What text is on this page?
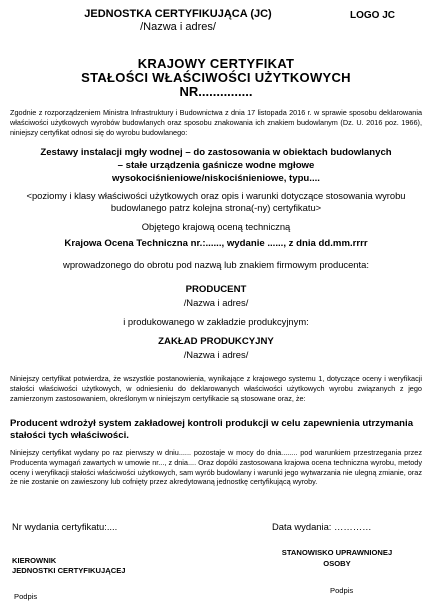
JEDNOSTKA CERTYFIKUJĄCA (JC)
/Nazwa i adres/
LOGO JC
KRAJOWY CERTYFIKAT
STAŁOŚCI WŁAŚCIWOŚCI UŻYTKOWYCH
NR...............
Zgodnie z rozporządzeniem Ministra Infrastruktury i Budownictwa z dnia 17 listopada 2016 r. w sprawie sposobu deklarowania właściwości użytkowych wyrobów budowlanych oraz sposobu znakowania ich znakiem budowlanym (Dz. U. 2016 poz. 1966), niniejszy certyfikat odnosi się do wyrobu budowlanego:
Zestawy instalacji mgły wodnej – do zastosowania w obiektach budowlanych
– stałe urządzenia gaśnicze wodne mgłowe
wysokociśnieniowe/niskociśnieniowe, typu....
<poziomy i klasy właściwości użytkowych oraz opis i warunki dotyczące stosowania wyrobu budowlanego patrz kolejna strona(-ny) certyfikatu>
Objętego krajową oceną techniczną
Krajowa Ocena Techniczna nr.:......, wydanie ......, z dnia dd.mm.rrrr
wprowadzonego do obrotu pod nazwą lub znakiem firmowym producenta:
PRODUCENT
/Nazwa i adres/
i produkowanego w zakładzie produkcyjnym:
ZAKŁAD PRODUKCYJNY
/Nazwa i adres/
Niniejszy certyfikat potwierdza, że wszystkie postanowienia, wynikające z krajowego systemu 1, dotyczące oceny i weryfikacji stałości właściwości użytkowych, w odniesieniu do deklarowanych właściwości użytkowych wyrobu związanych z jego zamierzonym zastosowaniem, określonym w niniejszym certyfikacie są stosowane oraz, że:
Producent wdrożył system zakładowej kontroli produkcji w celu zapewnienia utrzymania stałości tych właściwości.
Niniejszy certyfikat wydany po raz pierwszy w dniu...... pozostaje w mocy do dnia........ pod warunkiem przestrzegania przez Producenta wymagań zawartych w umowie nr..., z dnia.... Oraz dopóki zastosowana krajowa ocena techniczna wyrobu, metody oceny i weryfikacji stałości właściwości użytkowych, sam wyrób budowlany i warunki jego wytwarzania nie ulegną zmianie, oraz że nie zostanie on zawieszony lub cofnięty przez akredytowaną jednostkę certyfikującą wyroby.
Nr wydania certyfikatu:....	Data wydania: …………
KIEROWNIK
JEDNOSTKI CERTYFIKUJĄCEJ
STANOWISKO UPRAWNIONEJ
OSOBY
Podpis
Podpis
